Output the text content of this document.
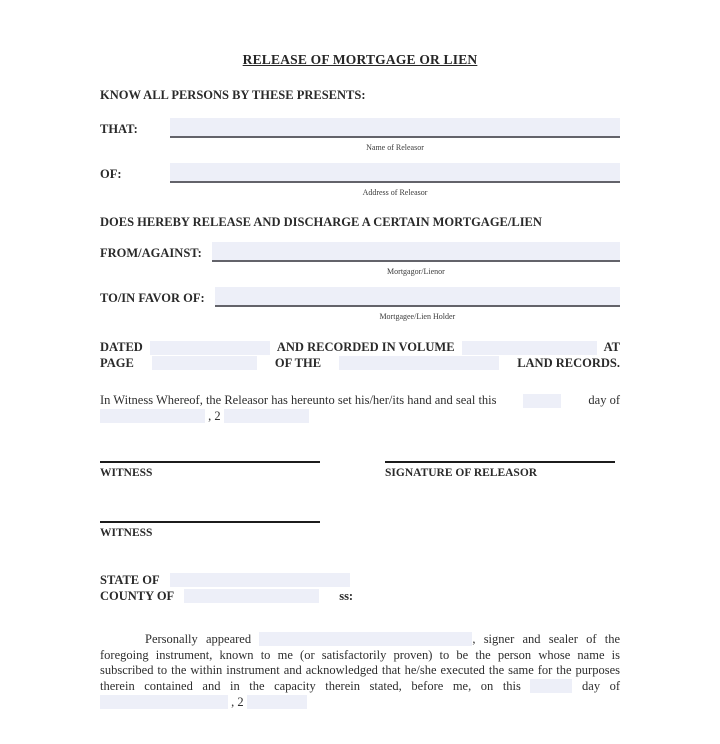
RELEASE OF MORTGAGE OR LIEN
KNOW ALL PERSONS BY THESE PRESENTS:
THAT:
Name of Releasor
OF:
Address of Releasor
DOES HEREBY RELEASE AND DISCHARGE A CERTAIN MORTGAGE/LIEN
FROM/AGAINST:
Mortgagor/Lienor
TO/IN FAVOR OF:
Mortgagee/Lien Holder
DATED	AND RECORDED IN VOLUME	AT
PAGE	OF THE	LAND RECORDS.
In Witness Whereof, the Releasor has hereunto set his/her/its hand and seal this	day of
, 2
WITNESS	SIGNATURE OF RELEASOR
WITNESS
STATE OF
COUNTY OF	ss:
Personally appeared	, signer and sealer of the foregoing instrument, known to me (or satisfactorily proven) to be the person whose name is subscribed to the within instrument and acknowledged that he/she executed the same for the purposes therein contained and in the capacity therein stated, before me, on this	day of
, 2
